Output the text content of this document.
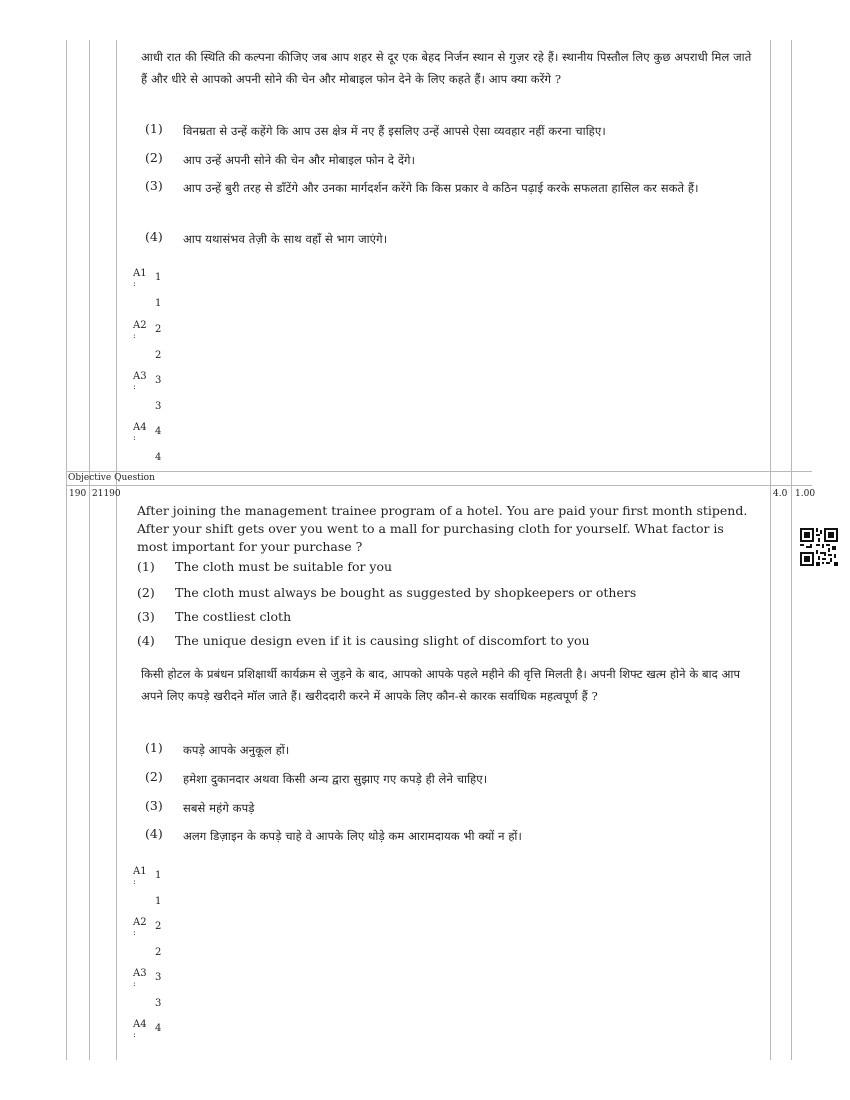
आधी रात की स्थिति की कल्पना कीजिए जब आप शहर से दूर एक बेहद निर्जन स्थान से गुज़र रहे हैं। स्थानीय पिस्तौल लिए कुछ अपराधी मिल जाते हैं और धीरे से आपको अपनी सोने की चेन और मोबाइल फोन देने के लिए कहते हैं। आप क्या करेंगे ?
(1) विनम्रता से उन्हें कहेंगे कि आप उस क्षेत्र में नए हैं इसलिए उन्हें आपसे ऐसा व्यवहार नहीं करना चाहिए।
(2) आप उन्हें अपनी सोने की चेन और मोबाइल फोन दे देंगे।
(3) आप उन्हें बुरी तरह से डाँटेंगे और उनका मार्गदर्शन करेंगे कि किस प्रकार वे कठिन पढ़ाई करके सफलता हासिल कर सकते हैं।
(4) आप यथासंभव तेज़ी के साथ वहाँ से भाग जाएंगे।
A1
:
1
1
A2
:
2
2
A3
:
3
3
A4
:
4
4
Objective Question
190 21190	4.0 1.00
After joining the management trainee program of a hotel. You are paid your first month stipend. After your shift gets over you went to a mall for purchasing cloth for yourself. What factor is most important for your purchase ?
(1) The cloth must be suitable for you
(2) The cloth must always be bought as suggested by shopkeepers or others
(3) The costliest cloth
(4) The unique design even if it is causing slight of discomfort to you
किसी होटल के प्रबंधन प्रशिक्षार्थी कार्यक्रम से जुड़ने के बाद, आपको आपके पहले महीने की वृत्ति मिलती है। अपनी शिफ्ट खत्म होने के बाद आप अपने लिए कपड़े खरीदने मॉल जाते हैं। खरीददारी करने में आपके लिए कौन-से कारक सर्वाधिक महत्वपूर्ण हैं ?
(1) कपड़े आपके अनुकूल हों।
(2) हमेशा दुकानदार अथवा किसी अन्य द्वारा सुझाए गए कपड़े ही लेने चाहिए।
(3) सबसे महंगे कपड़े
(4) अलग डिज़ाइन के कपड़े चाहे वे आपके लिए थोड़े कम आरामदायक भी क्यों न हों।
A1
:
1
1
A2
:
2
2
A3
:
3
3
A4
:
4
